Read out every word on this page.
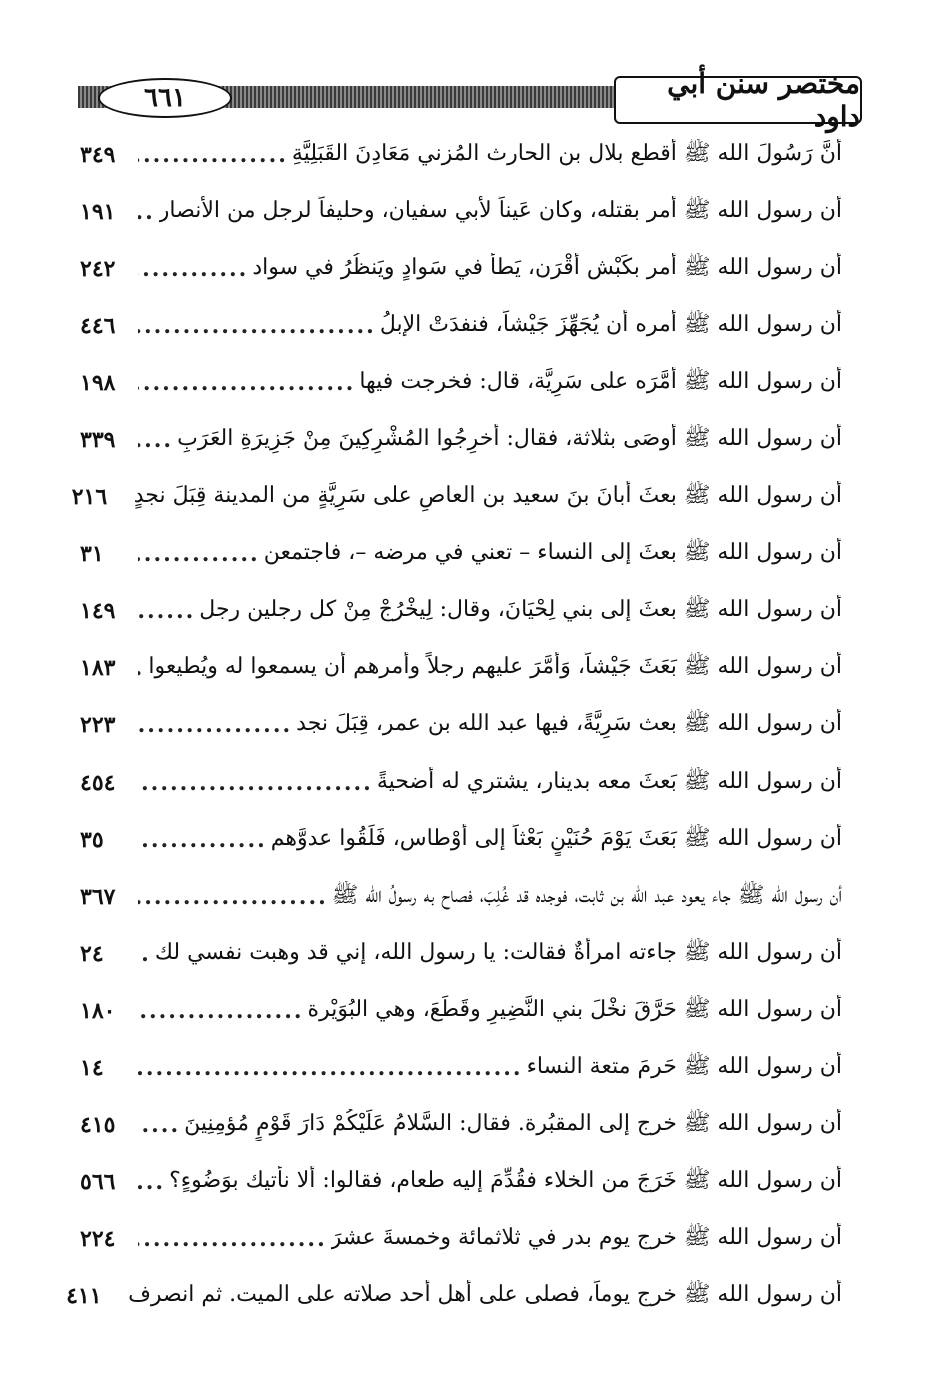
٦٦١	مختصر سنن أبي داود
أنَّ رَسُولَ الله ﷺ أقطع بلال بن الحارث المُزني مَعَادِنَ القَبَلِيَّةِ
.....
٣٤٩
أن رسول الله ﷺ أمر بقتله، وكان عَيناً لأبي سفيان، وحليفاً لرجل من الأنصار
.....
١٩١
أن رسول الله ﷺ أمر بكَبْش أقْرَن، يَطأ في سَوادٍ ويَنظُرُ في سواد
.....
٢٤٢
أن رسول الله ﷺ أمره أن يُجَهِّزَ جَيْشاً، فنفدَتْ الإبلُ
.....
٤٤٦
أن رسول الله ﷺ أمَّرَه على سَرِيَّة، قال: فخرجت فيها
.....
١٩٨
أن رسول الله ﷺ أوصَى بثلاثة، فقال: أخرِجُوا المُشْرِكِينَ مِنْ جَزِيرَةِ العَرَبِ
.....
٣٣٩
أن رسول الله ﷺ بعثَ أبانَ بنَ سعيد بن العاصِ على سَرِيَّةٍ من المدينة قِبَلَ نجدٍ
٢١٦
أن رسول الله ﷺ بعثَ إلى النساء – تعني في مرضه –، فاجتمعن
.....
٣١
أن رسول الله ﷺ بعثَ إلى بني لِحْيَانَ، وقال: لِيخْرُجْ مِنْ كل رجلين رجل
.....
١٤٩
أن رسول الله ﷺ بَعَثَ جَيْشاً، وَأَمَّرَ عليهم رجلاً وأمرهم أن يسمعوا له ويُطيعوا
.....
١٨٣
أن رسول الله ﷺ بعث سَرِيَّةً، فيها عبد الله بن عمر، قِبَلَ نجد
.....
٢٢٣
أن رسول الله ﷺ بَعثَ معه بدينار، يشتري له أُضحيةً
.....
٤٥٤
أن رسول الله ﷺ بَعَثَ يَوْمَ حُنَيْنٍ بَعْثاً إلى أوْطاس، فَلَقُوا عدوَّهم
.....
٣٥
أن رسول الله ﷺ جاء يعود عبد الله بن ثابت، فوجده قد غُلِبَ، فصاح به رسولُ الله ﷺ
.....
٣٦٧
أن رسول الله ﷺ جاءته امرأةٌ فقالت: يا رسول الله، إني قد وهبت نفسي لك
.....
٢٤
أن رسول الله ﷺ حَرَّقَ نخْلَ بني النَّضِيرِ وقَطَعَ، وهي البُوَيْرة
.....
١٨٠
أن رسول الله ﷺ حَرمَ متعة النساء
.....
١٤
أن رسول الله ﷺ خرج إلى المقبُرة. فقال: السَّلامُ عَلَيْكُمْ دَارَ قَوْمٍ مُؤمِنِينَ
.....
٤١٥
أن رسول الله ﷺ خَرَجَ من الخلاء فقُدِّمَ إليه طعام، فقالوا: ألا نأتيك بوَضُوءٍ؟
.....
٥٦٦
أن رسول الله ﷺ خرج يوم بدر في ثلاثمائة وخمسةَ عشرَ
.....
٢٢٤
أن رسول الله ﷺ خرج يوماً، فصلى على أهل أُحد صلاته على الميت. ثم انصرف
٤١١
